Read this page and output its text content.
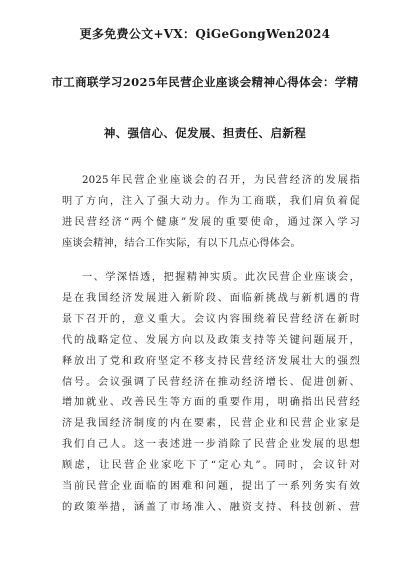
更多免费公文+VX：QiGeGongWen2024
市工商联学习2025年民营企业座谈会精神心得体会：学精
神、强信心、促发展、担责任、启新程
2025年民营企业座谈会的召开，为民营经济的发展指
明了方向，注入了强大动力。作为工商联，我们肩负着促
进民营经济“两个健康”发展的重要使命，通过深入学习
座谈会精神，结合工作实际，有以下几点心得体会。
一、学深悟透，把握精神实质。此次民营企业座谈会，
是在我国经济发展进入新阶段、面临新挑战与新机遇的背
景下召开的，意义重大。会议内容围绕着民营经济在新时
代的战略定位、发展方向以及政策支持等关键问题展开，
释放出了党和政府坚定不移支持民营经济发展壮大的强烈
信号。会议强调了民营经济在推动经济增长、促进创新、
增加就业、改善民生等方面的重要作用，明确指出民营经
济是我国经济制度的内在要素，民营企业和民营企业家是
我们自己人。这一表述进一步消除了民营企业发展的思想
顾虑，让民营企业家吃下了“定心丸”。同时，会议针对
当前民营企业面临的困难和问题，提出了一系列务实有效
的政策举措，涵盖了市场准入、融资支持、科技创新、营
